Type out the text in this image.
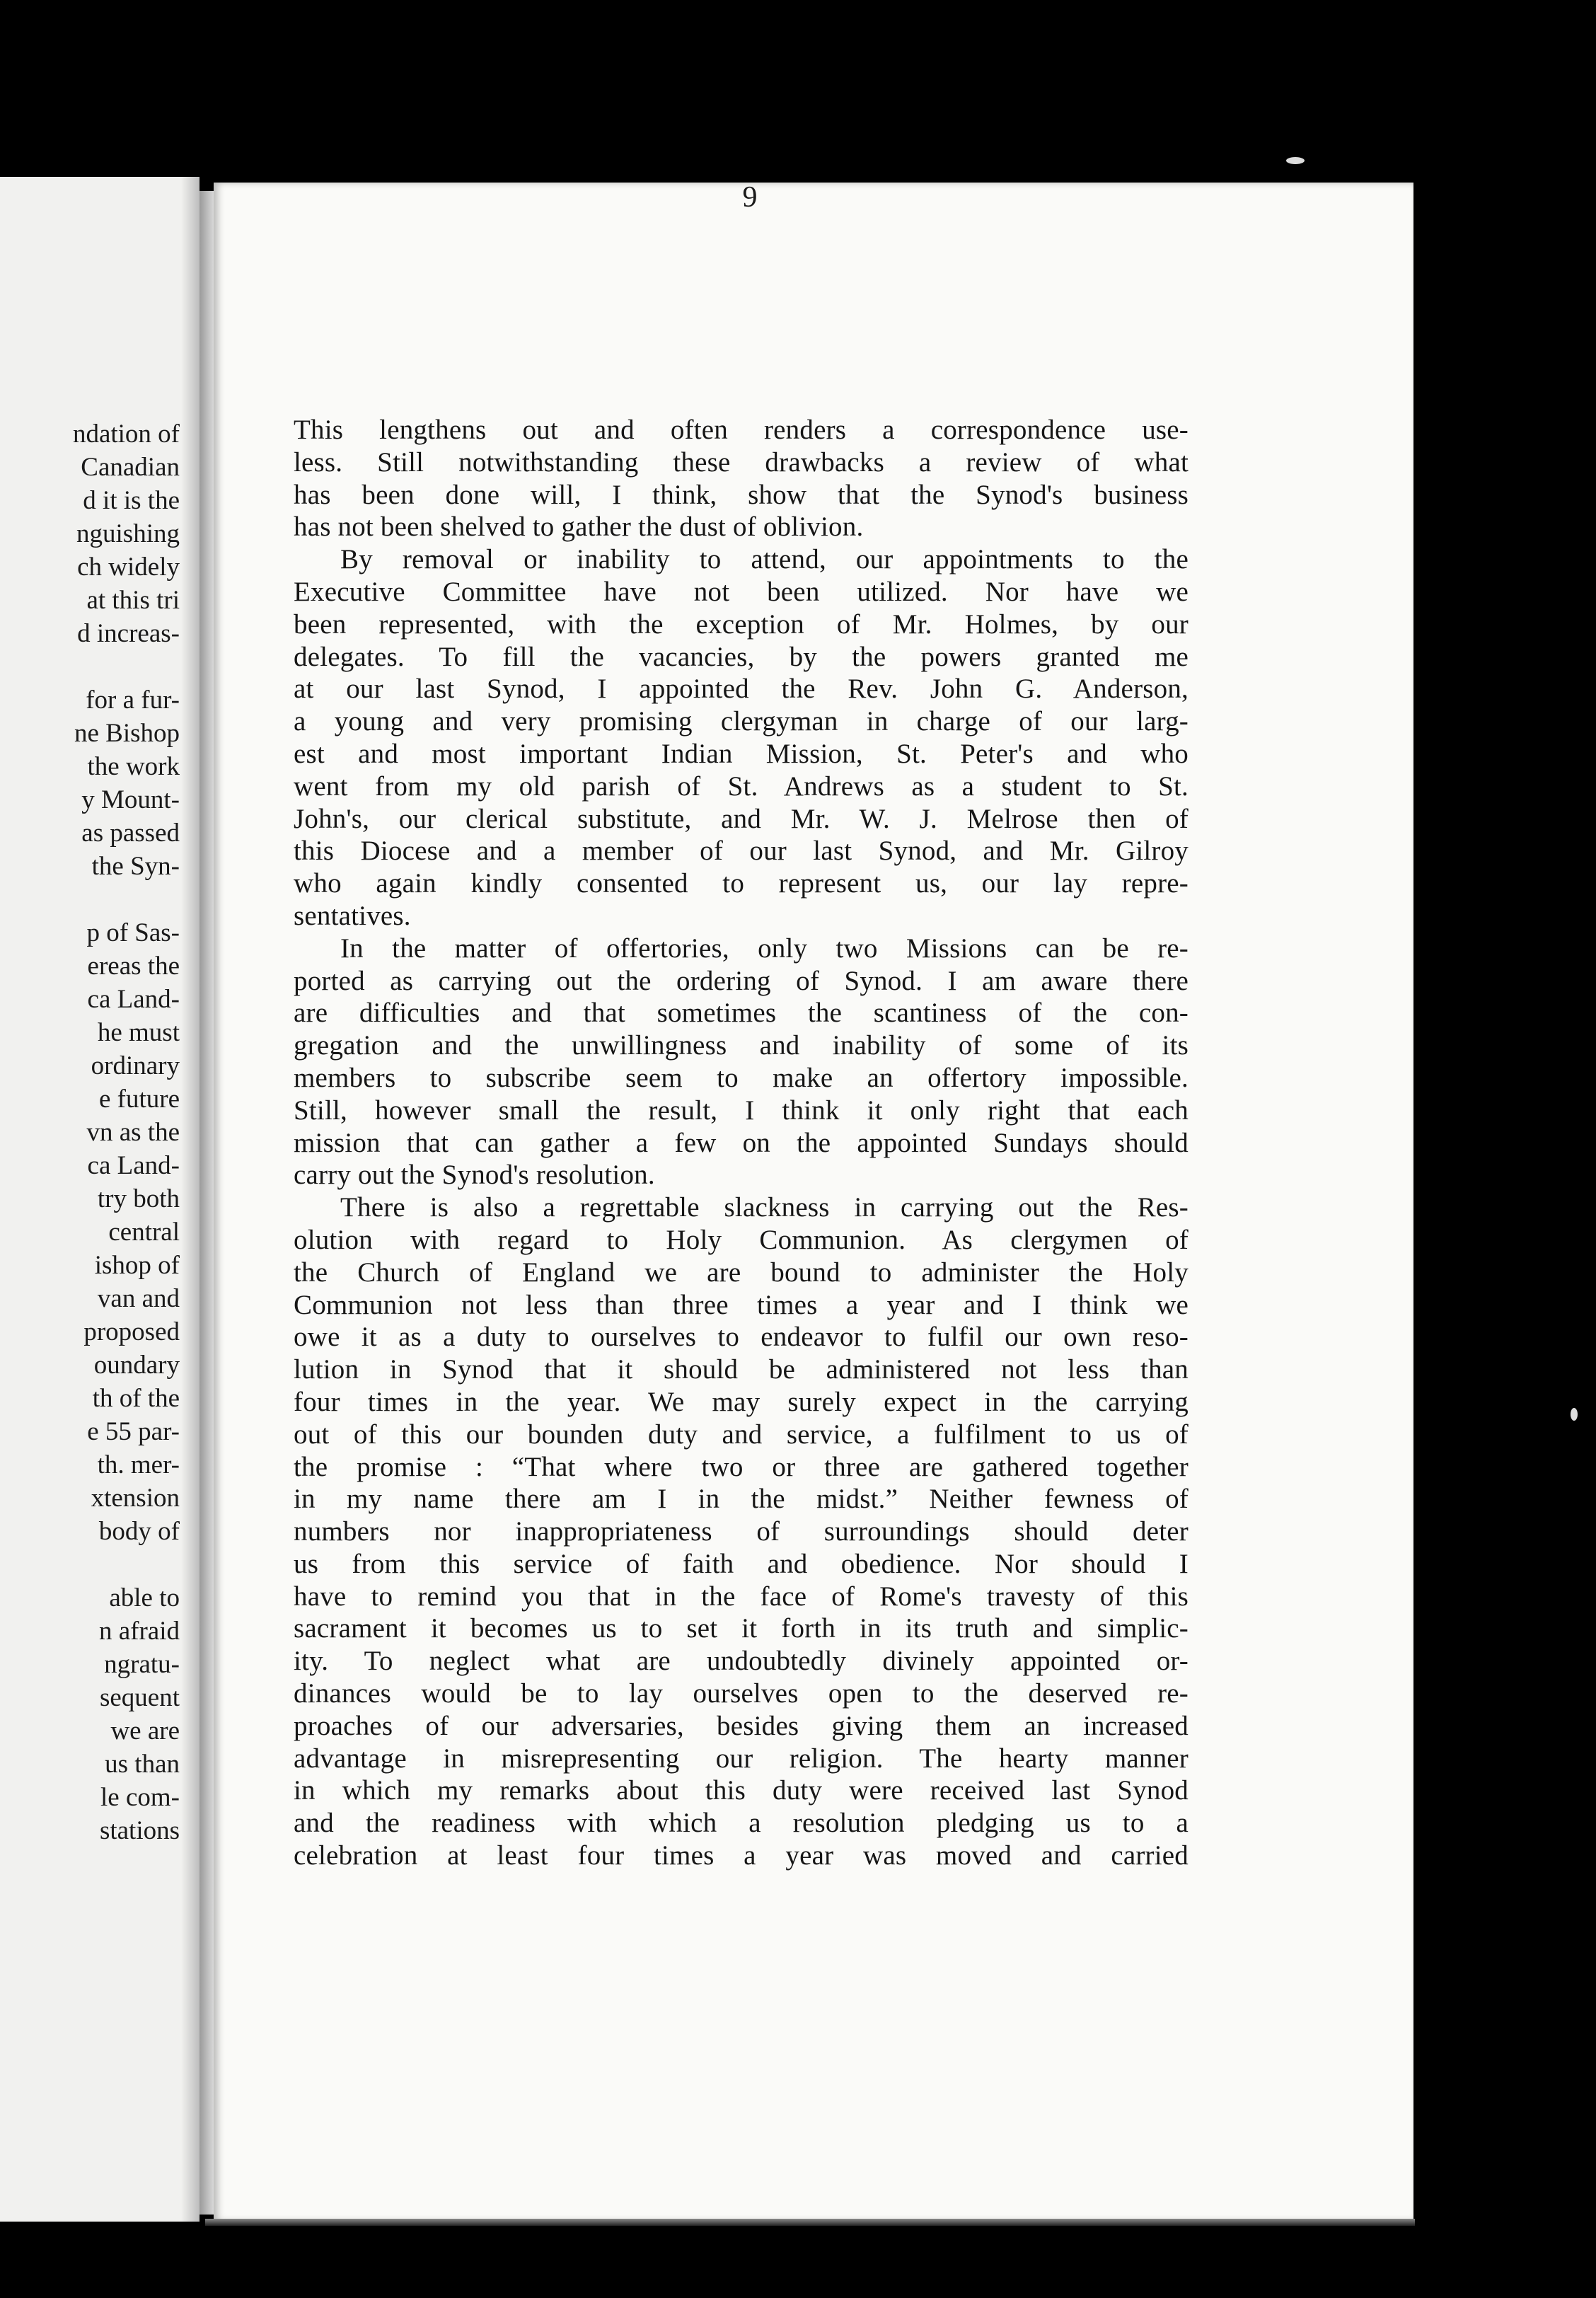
ndation of
Canadian
d it is the
nguishing
ch widely
at this tri
d increas-
for a fur-
ne Bishop
the work
y Mount-
as passed
the Syn-
p of Sas-
ereas the
ca Land-
he must
ordinary
e future
vn as the
ca Land-
try both
central
ishop of
van and
proposed
oundary
th of the
e 55 par-
th. mer-
xtension
body of
able to
n afraid
ngratu-
sequent
we are
us than
le com-
stations
9
This lengthens out and often renders a correspondence use-
less. Still notwithstanding these drawbacks a review of what
has been done will, I think, show that the Synod's business
has not been shelved to gather the dust of oblivion.
By removal or inability to attend, our appointments to the
Executive Committee have not been utilized. Nor have we
been represented, with the exception of Mr. Holmes, by our
delegates. To fill the vacancies, by the powers granted me
at our last Synod, I appointed the Rev. John G. Anderson,
a young and very promising clergyman in charge of our larg-
est and most important Indian Mission, St. Peter's and who
went from my old parish of St. Andrews as a student to St.
John's, our clerical substitute, and Mr. W. J. Melrose then of
this Diocese and a member of our last Synod, and Mr. Gilroy
who again kindly consented to represent us, our lay repre-
sentatives.
In the matter of offertories, only two Missions can be re-
ported as carrying out the ordering of Synod. I am aware there
are difficulties and that sometimes the scantiness of the con-
gregation and the unwillingness and inability of some of its
members to subscribe seem to make an offertory impossible.
Still, however small the result, I think it only right that each
mission that can gather a few on the appointed Sundays should
carry out the Synod's resolution.
There is also a regrettable slackness in carrying out the Res-
olution with regard to Holy Communion. As clergymen of
the Church of England we are bound to administer the Holy
Communion not less than three times a year and I think we
owe it as a duty to ourselves to endeavor to fulfil our own reso-
lution in Synod that it should be administered not less than
four times in the year. We may surely expect in the carrying
out of this our bounden duty and service, a fulfilment to us of
the promise : “That where two or three are gathered together
in my name there am I in the midst.” Neither fewness of
numbers nor inappropriateness of surroundings should deter
us from this service of faith and obedience. Nor should I
have to remind you that in the face of Rome's travesty of this
sacrament it becomes us to set it forth in its truth and simplic-
ity. To neglect what are undoubtedly divinely appointed or-
dinances would be to lay ourselves open to the deserved re-
proaches of our adversaries, besides giving them an increased
advantage in misrepresenting our religion. The hearty manner
in which my remarks about this duty were received last Synod
and the readiness with which a resolution pledging us to a
celebration at least four times a year was moved and carried
